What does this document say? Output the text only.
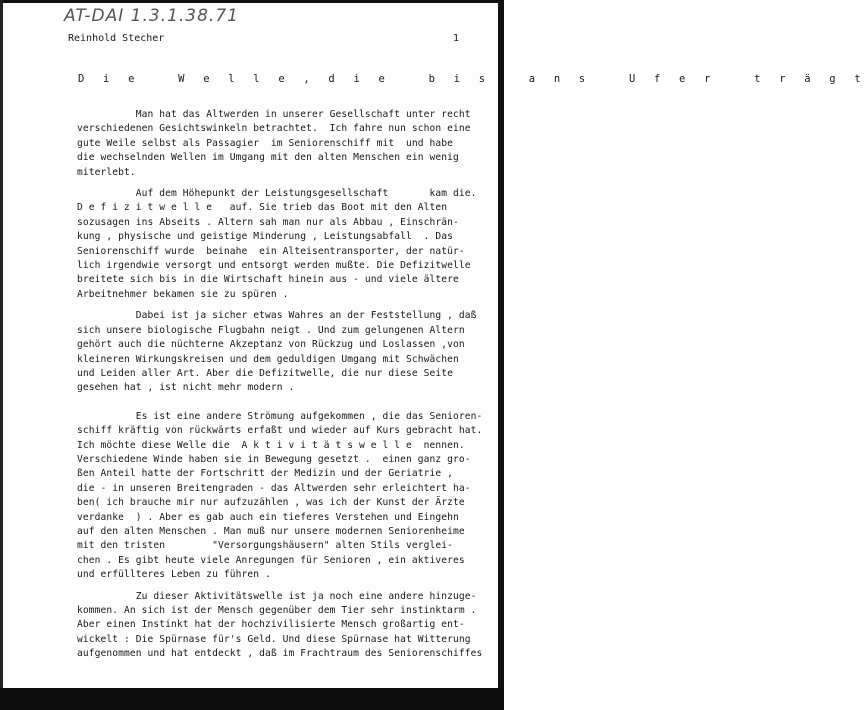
AT-DAI 1.3.1.38.71
Reinhold Stecher	1
D i e   W e l l e , d i e   b i s   a n s   U f e r   t r ä g t
Man hat das Altwerden in unserer Gesellschaft unter recht
verschiedenen Gesichtswinkeln betrachtet.  Ich fahre nun schon eine
gute Weile selbst als Passagier  im Seniorenschiff mit  und habe
die wechselnden Wellen im Umgang mit den alten Menschen ein wenig
miterlebt.
Auf dem Höhepunkt der Leistungsgesellschaft       kam die.
D e f i z i t w e l l e   auf. Sie trieb das Boot mit den Alten
sozusagen ins Abseits . Altern sah man nur als Abbau , Einschrän-
kung , physische und geistige Minderung , Leistungsabfall  . Das
Seniorenschiff wurde  beinahe  ein Alteisentransporter, der natür-
lich irgendwie versorgt und entsorgt werden mußte. Die Defizitwelle
breitete sich bis in die Wirtschaft hinein aus - und viele ältere
Arbeitnehmer bekamen sie zu spüren .
Dabei ist ja sicher etwas Wahres an der Feststellung , daß
sich unsere biologische Flugbahn neigt . Und zum gelungenen Altern
gehört auch die nüchterne Akzeptanz von Rückzug und Loslassen ,von
kleineren Wirkungskreisen und dem geduldigen Umgang mit Schwächen
und Leiden aller Art. Aber die Defizitwelle, die nur diese Seite
gesehen hat , ist nicht mehr modern .
Es ist eine andere Strömung aufgekommen , die das Senioren-
schiff kräftig von rückwärts erfaßt und wieder auf Kurs gebracht hat.
Ich möchte diese Welle die  A k t i v i t ä t s w e l l e  nennen.
Verschiedene Winde haben sie in Bewegung gesetzt .  einen ganz gro-
ßen Anteil hatte der Fortschritt der Medizin und der Geriatrie ,
die - in unseren Breitengraden - das Altwerden sehr erleichtert ha-
ben( ich brauche mir nur aufzuzählen , was ich der Kunst der Ärzte
verdanke  ) . Aber es gab auch ein tieferes Verstehen und Eingehn
auf den alten Menschen . Man muß nur unsere modernen Seniorenheime
mit den tristen        "Versorgungshäusern" alten Stils verglei-
chen . Es gibt heute viele Anregungen für Senioren , ein aktiveres
und erfüllteres Leben zu führen .
Zu dieser Aktivitätswelle ist ja noch eine andere hinzuge-
kommen. An sich ist der Mensch gegenüber dem Tier sehr instinktarm .
Aber einen Instinkt hat der hochzivilisierte Mensch großartig ent-
wickelt : Die Spürnase für's Geld. Und diese Spürnase hat Witterung
aufgenommen und hat entdeckt , daß im Frachtraum des Seniorenschiffes
